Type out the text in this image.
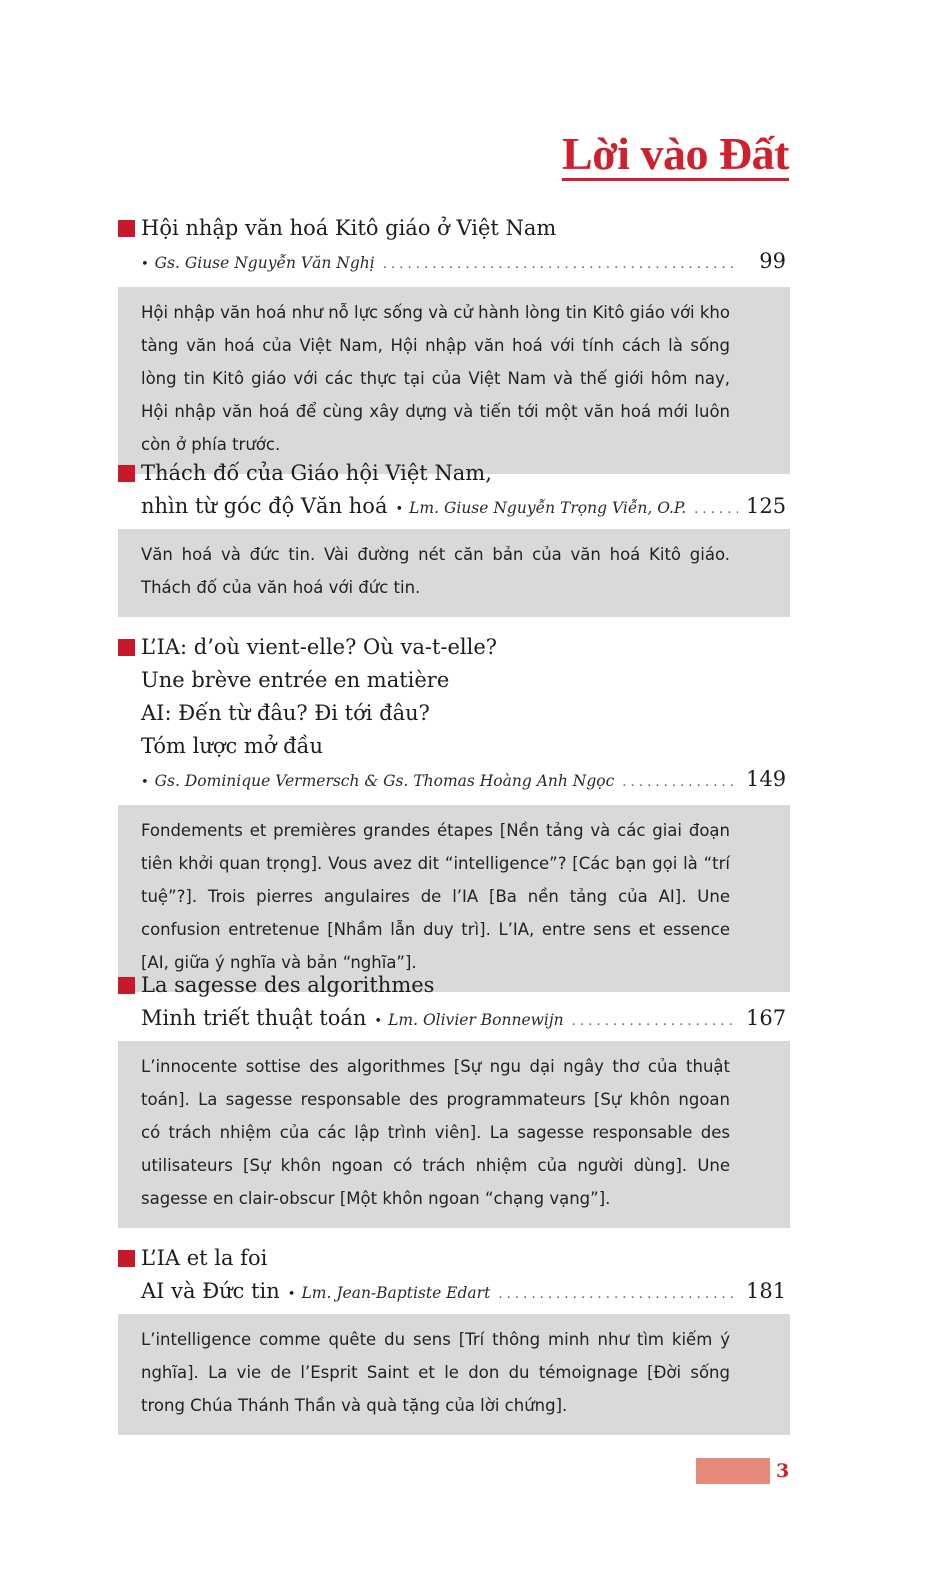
Lời vào Đất
Hội nhập văn hoá Kitô giáo ở Việt Nam
• Gs. Giuse Nguyễn Văn Nghị . . .	99
Hội nhập văn hoá như nỗ lực sống và cử hành lòng tin Kitô giáo với kho tàng văn hoá của Việt Nam, Hội nhập văn hoá với tính cách là sống lòng tin Kitô giáo với các thực tại của Việt Nam và thế giới hôm nay, Hội nhập văn hoá để cùng xây dựng và tiến tới một văn hoá mới luôn còn ở phía trước.
Thách đố của Giáo hội Việt Nam,
nhìn từ góc độ Văn hoá • Lm. Giuse Nguyễn Trọng Viễn, O.P. . . .	125
Văn hoá và đức tin. Vài đường nét căn bản của văn hoá Kitô giáo. Thách đố của văn hoá với đức tin.
L’IA: d’où vient-elle? Où va-t-elle?
Une brève entrée en matière
AI: Đến từ đâu? Đi tới đâu?
Tóm lược mở đầu
• Gs. Dominique Vermersch & Gs. Thomas Hoàng Anh Ngọc . . .	149
Fondements et premières grandes étapes [Nền tảng và các giai đoạn tiên khởi quan trọng]. Vous avez dit “intelligence”? [Các bạn gọi là “trí tuệ”?]. Trois pierres angulaires de l’IA [Ba nền tảng của AI]. Une confusion entretenue [Nhầm lẫn duy trì]. L’IA, entre sens et essence [AI, giữa ý nghĩa và bản “nghĩa”].
La sagesse des algorithmes
Minh triết thuật toán • Lm. Olivier Bonnewijn . . .	167
L’innocente sottise des algorithmes [Sự ngu dại ngây thơ của thuật toán]. La sagesse responsable des programmateurs [Sự khôn ngoan có trách nhiệm của các lập trình viên]. La sagesse responsable des utilisateurs [Sự khôn ngoan có trách nhiệm của người dùng]. Une sagesse en clair-obscur [Một khôn ngoan “chạng vạng”].
L’IA et la foi
AI và Đức tin • Lm. Jean-Baptiste Edart . . .	181
L’intelligence comme quête du sens [Trí thông minh như tìm kiếm ý nghĩa]. La vie de l’Esprit Saint et le don du témoignage [Đời sống trong Chúa Thánh Thần và quà tặng của lời chứng].
3
